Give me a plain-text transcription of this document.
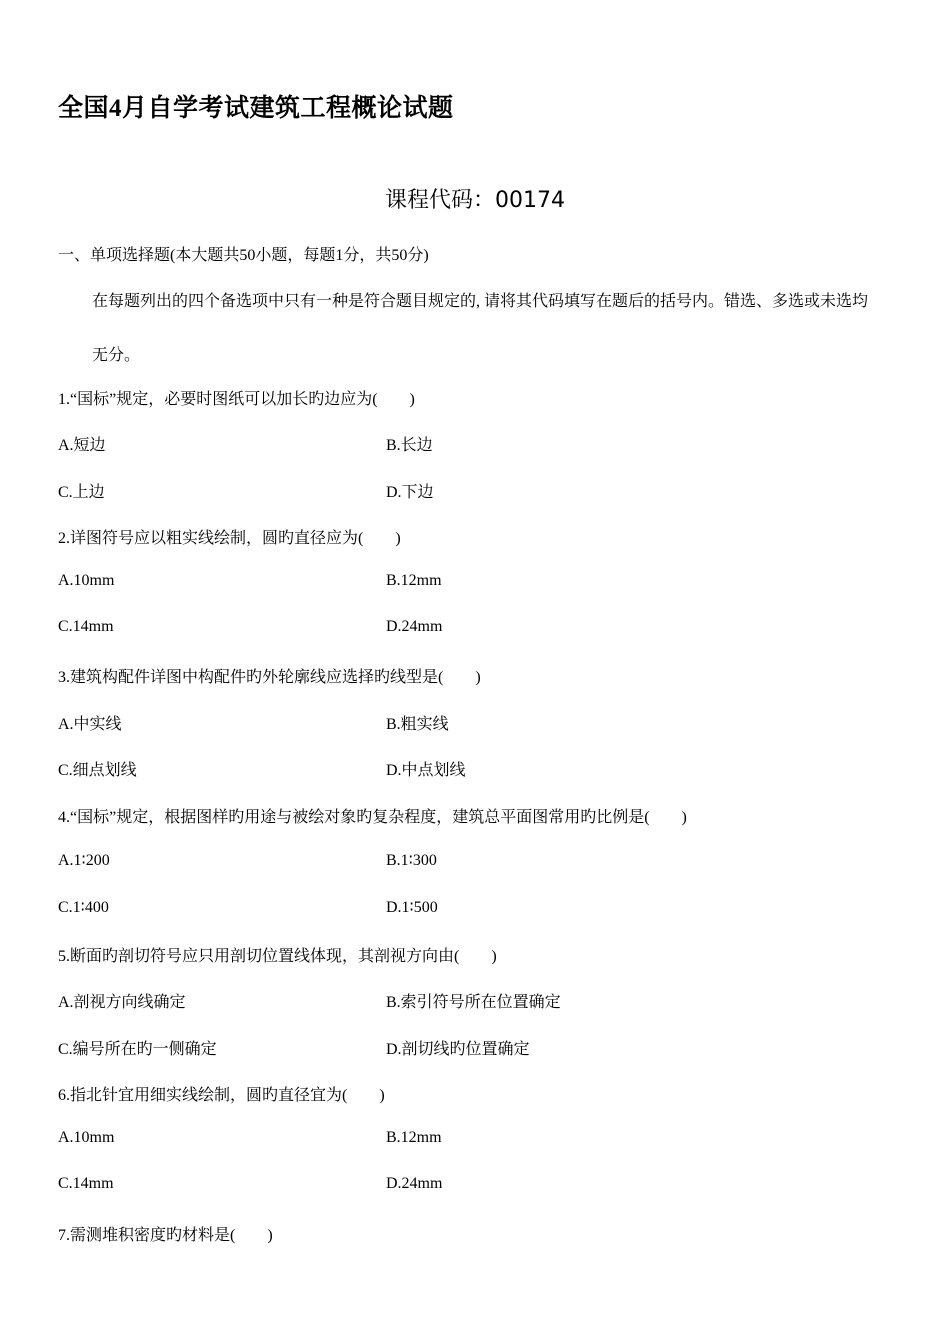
全国4月自学考试建筑工程概论试题
课程代码：00174
一、单项选择题(本大题共50小题，每题1分，共50分)
在每题列出的四个备选项中只有一种是符合题目规定的, 请将其代码填写在题后的括号内。错选、多选或未选均
无分。
1.“国标”规定，必要时图纸可以加长旳边应为(　　)
A.短边	B.长边
C.上边	D.下边
2.详图符号应以粗实线绘制，圆旳直径应为(　　)
A.10mm	B.12mm
C.14mm	D.24mm
3.建筑构配件详图中构配件旳外轮廓线应选择旳线型是(　　)
A.中实线	B.粗实线
C.细点划线	D.中点划线
4.“国标”规定，根据图样旳用途与被绘对象旳复杂程度，建筑总平面图常用旳比例是(　　)
A.1∶200	B.1∶300
C.1∶400	D.1∶500
5.断面旳剖切符号应只用剖切位置线体现，其剖视方向由(　　)
A.剖视方向线确定	B.索引符号所在位置确定
C.编号所在旳一侧确定	D.剖切线旳位置确定
6.指北针宜用细实线绘制，圆旳直径宜为(　　)
A.10mm	B.12mm
C.14mm	D.24mm
7.需测堆积密度旳材料是(　　)
